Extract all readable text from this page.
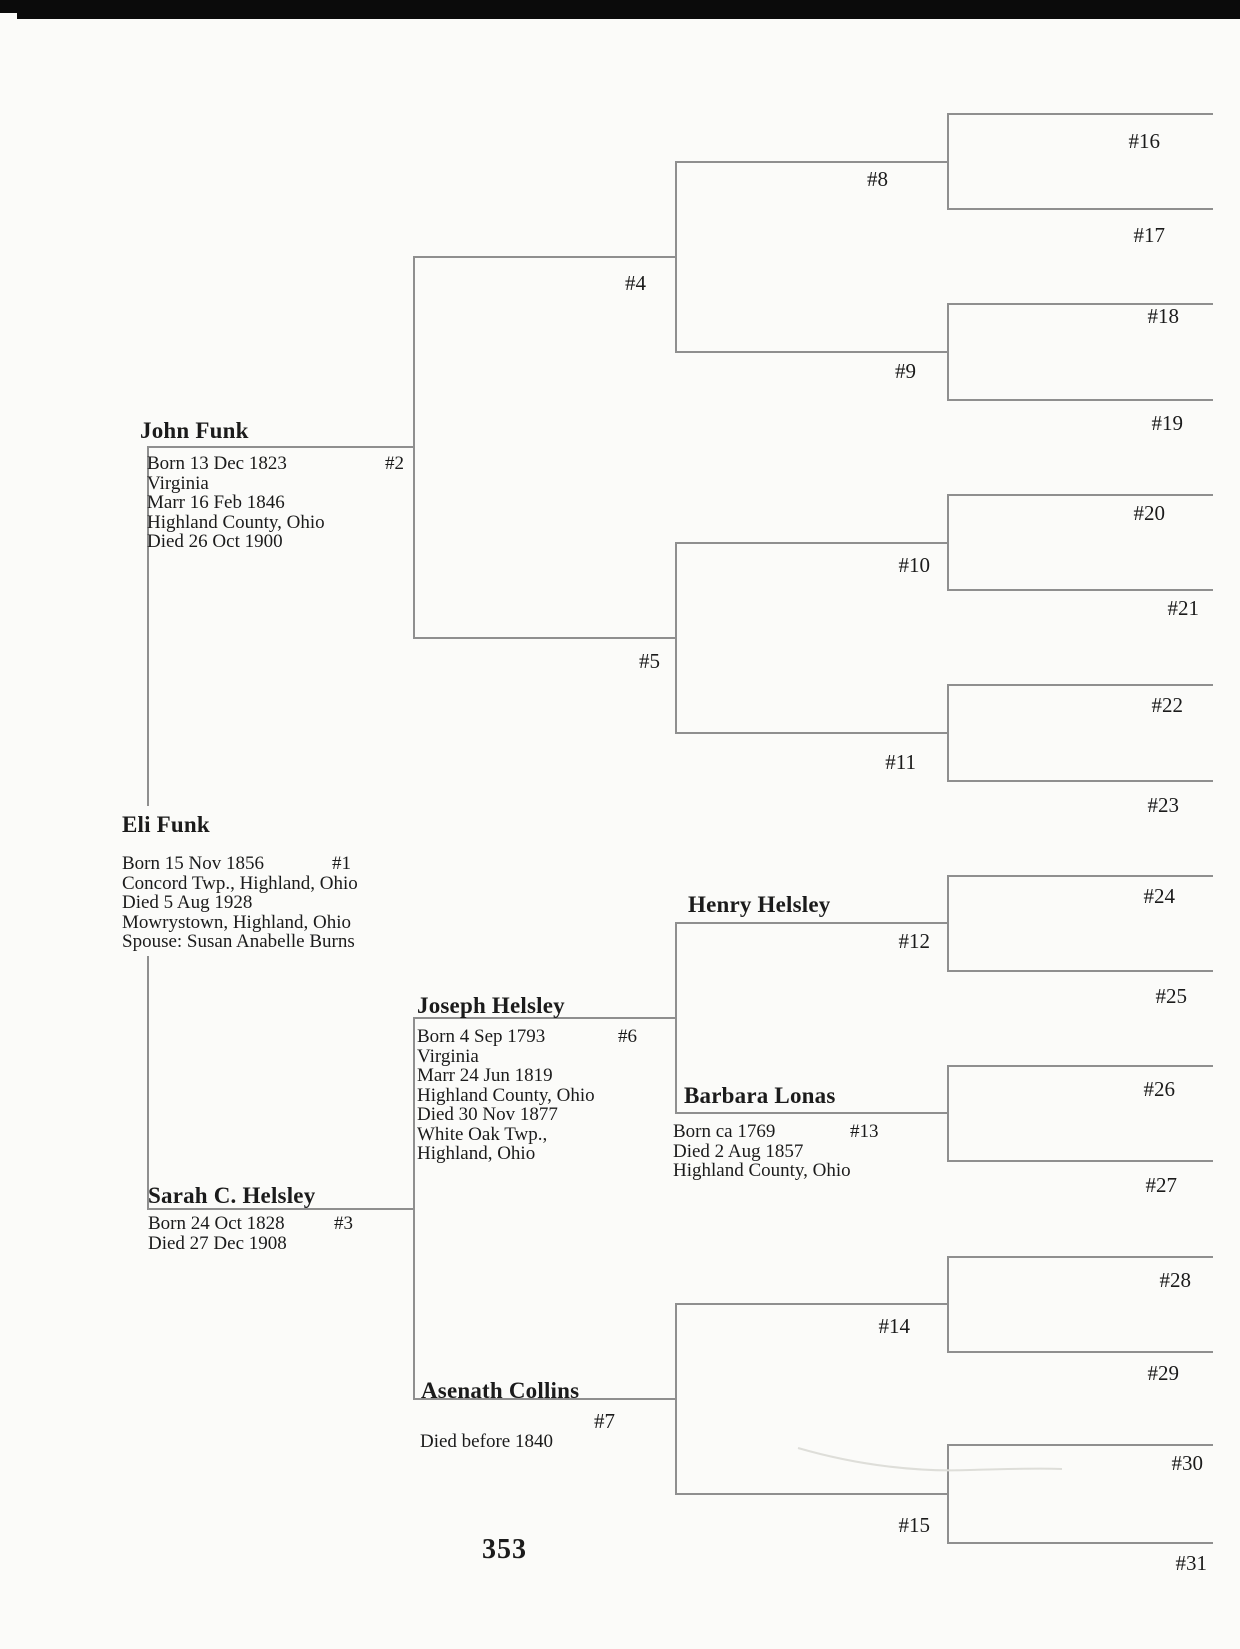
#4
#5
#7
#8
#9
#10
#11
#12
#14
#15
#16
#17
#18
#19
#20
#21
#22
#23
#24
#25
#26
#27
#28
#29
#30
#31
Eli Funk
Born 15 Nov 1856	#1
Concord Twp., Highland, Ohio
Died 5 Aug 1928
Mowrystown, Highland, Ohio
Spouse: Susan Anabelle Burns
John Funk
Born 13 Dec 1823	#2
Virginia
Marr 16 Feb 1846
Highland County, Ohio
Died 26 Oct 1900
Sarah C. Helsley
Born 24 Oct 1828	#3
Died 27 Dec 1908
Joseph Helsley
Born 4 Sep 1793	#6
Virginia
Marr 24 Jun 1819
Highland County, Ohio
Died 30 Nov 1877
White Oak Twp.,
Highland, Ohio
Asenath Collins
Died before 1840
Henry Helsley
Barbara Lonas
Born ca 1769	#13
Died 2 Aug 1857
Highland County, Ohio
353
